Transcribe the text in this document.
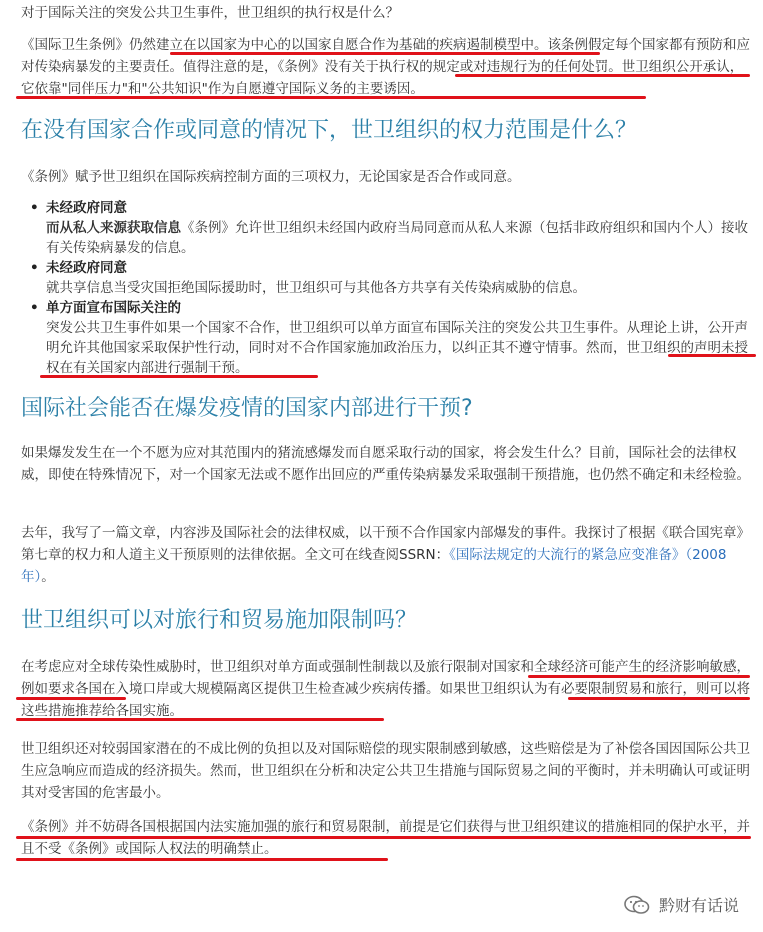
对于国际关注的突发公共卫生事件，世卫组织的执行权是什么？

《国际卫生条例》仍然建立在以国家为中心的以国家自愿合作为基础的疾病遏制模型中。该条例假定每个国家都有预防和应对传染病暴发的主要责任。值得注意的是，《条例》没有关于执行权的规定或对违规行为的任何处罚。世卫组织公开承认，它依靠"同伴压力"和"公共知识"作为自愿遵守国际义务的主要诱因。

在没有国家合作或同意的情况下，世卫组织的权力范围是什么？

《条例》赋予世卫组织在国际疾病控制方面的三项权力，无论国家是否合作或同意。

• 未经政府同意
而从私人来源获取信息《条例》允许世卫组织未经国内政府当局同意而从私人来源（包括非政府组织和国内个人）接收有关传染病暴发的信息。
• 未经政府同意
就共享信息当受灾国拒绝国际援助时，世卫组织可与其他各方共享有关传染病威胁的信息。
• 单方面宣布国际关注的
突发公共卫生事件如果一个国家不合作，世卫组织可以单方面宣布国际关注的突发公共卫生事件。从理论上讲，公开声明允许其他国家采取保护性行动，同时对不合作国家施加政治压力，以纠正其不遵守情事。然而，世卫组织的声明未授权在有关国家内部进行强制干预。
国际社会能否在爆发疫情的国家内部进行干预?

如果爆发发生在一个不愿为应对其范围内的猪流感爆发而自愿采取行动的国家，将会发生什么？目前，国际社会的法律权威，即使在特殊情况下，对一个国家无法或不愿作出回应的严重传染病暴发采取强制干预措施，也仍然不确定和未经检验。

去年，我写了一篇文章，内容涉及国际社会的法律权威，以干预不合作国家内部爆发的事件。我探讨了根据《联合国宪章》第七章的权力和人道主义干预原则的法律依据。全文可在线查阅SSRN：《国际法规定的大流行的紧急应变准备》（2008年）。

世卫组织可以对旅行和贸易施加限制吗？

在考虑应对全球传染性威胁时，世卫组织对单方面或强制性制裁以及旅行限制对国家和全球经济可能产生的经济影响敏感，例如要求各国在入境口岸或大规模隔离区提供卫生检查减少疾病传播。如果世卫组织认为有必要限制贸易和旅行，则可以将这些措施推荐给各国实施。

世卫组织还对较弱国家潜在的不成比例的负担以及对国际赔偿的现实限制感到敏感，这些赔偿是为了补偿各国因国际公共卫生应急响应而造成的经济损失。然而，世卫组织在分析和决定公共卫生措施与国际贸易之间的平衡时，并未明确认可或证明其对受害国的危害最小。

《条例》并不妨碍各国根据国内法实施加强的旅行和贸易限制，前提是它们获得与世卫组织建议的措施相同的保护水平，并且不受《条例》或国际人权法的明确禁止。

黔财有话说
